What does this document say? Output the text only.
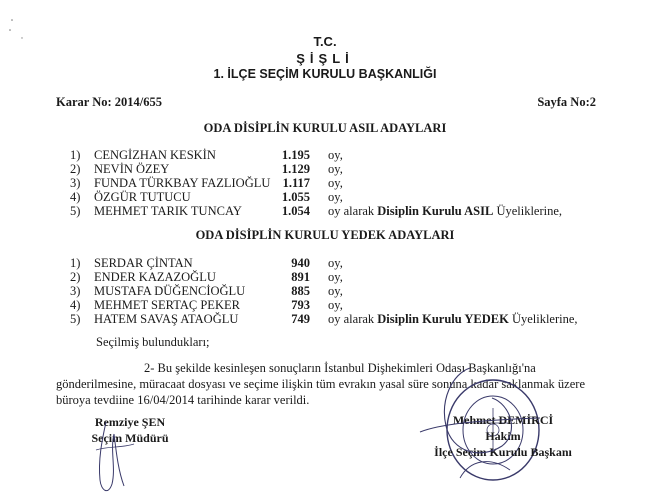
T.C.
ŞİŞLİ
1. İLÇE SEÇİM KURULU BAŞKANLIĞI
Karar No: 2014/655	Sayfa No:2
ODA DİSİPLİN KURULU ASIL ADAYLARI
1)	CENGİZHAN KESKİN	1.195 oy,
2)	NEVİN ÖZEY	1.129 oy,
3)	FUNDA TÜRKBAY FAZLIOĞLU 1.117 oy,
4)	ÖZGÜR TUTUCU	1.055 oy,
5)	MEHMET TARIK TUNCAY	1.054 oy alarak Disiplin Kurulu ASIL Üyeliklerine,
ODA DİSİPLİN KURULU YEDEK ADAYLARI
1)	SERDAR ÇİNTAN	940 oy,
2)	ENDER KAZAZOĞLU	891 oy,
3)	MUSTAFA DÜĞENCİOĞLU	885 oy,
4)	MEHMET SERTAÇ PEKER	793 oy,
5)	HATEM SAVAŞ ATAOĞLU	749 oy alarak Disiplin Kurulu YEDEK Üyeliklerine,
Seçilmiş bulundukları;
2- Bu şekilde kesinleşen sonuçların İstanbul Dişhekimleri Odası Başkanlığı'na
gönderilmesine, müracaat dosyası ve seçime ilişkin tüm evrakın yasal süre sonuna kadar saklanmak üzere
büroya tevdiine 16/04/2014 tarihinde karar verildi.
Remziye ŞEN
Seçim Müdürü
Mehmet DEMİRCİ
Hakim
İlçe Seçim Kurulu Başkanı
